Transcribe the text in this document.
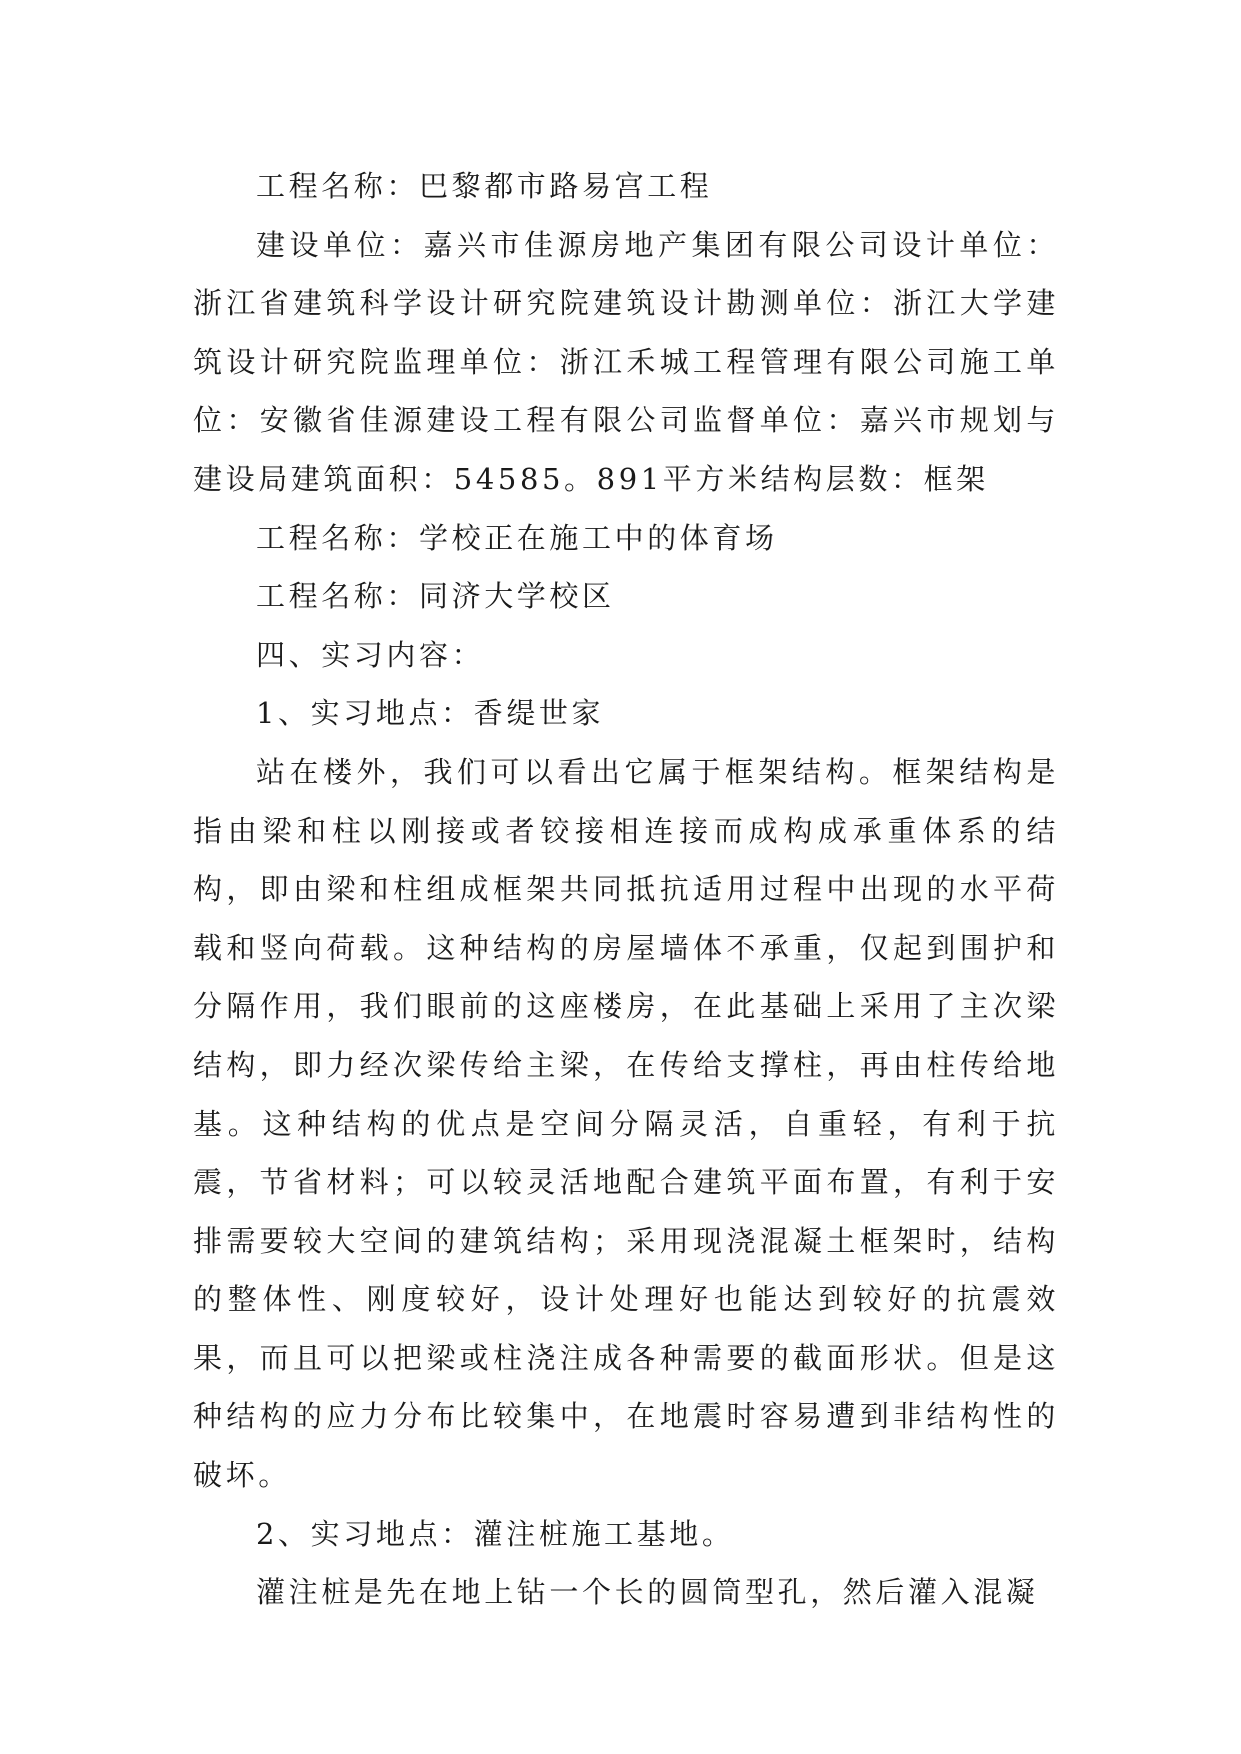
工程名称：巴黎都市路易宫工程

建设单位：嘉兴市佳源房地产集团有限公司设计单位：浙江省建筑科学设计研究院建筑设计勘测单位：浙江大学建筑设计研究院监理单位：浙江禾城工程管理有限公司施工单位：安徽省佳源建设工程有限公司监督单位：嘉兴市规划与建设局建筑面积：54585。891平方米结构层数：框架

工程名称：学校正在施工中的体育场

工程名称：同济大学校区

四、实习内容：

1、实习地点：香缇世家

站在楼外，我们可以看出它属于框架结构。框架结构是指由梁和柱以刚接或者铰接相连接而成构成承重体系的结构，即由梁和柱组成框架共同抵抗适用过程中出现的水平荷载和竖向荷载。这种结构的房屋墙体不承重，仅起到围护和分隔作用，我们眼前的这座楼房，在此基础上采用了主次梁结构，即力经次梁传给主梁，在传给支撑柱，再由柱传给地基。这种结构的优点是空间分隔灵活，自重轻，有利于抗震，节省材料；可以较灵活地配合建筑平面布置，有利于安排需要较大空间的建筑结构；采用现浇混凝土框架时，结构的整体性、刚度较好，设计处理好也能达到较好的抗震效果，而且可以把梁或柱浇注成各种需要的截面形状。但是这种结构的应力分布比较集中，在地震时容易遭到非结构性的破坏。

2、实习地点：灌注桩施工基地。

灌注桩是先在地上钻一个长的圆筒型孔，然后灌入混凝
